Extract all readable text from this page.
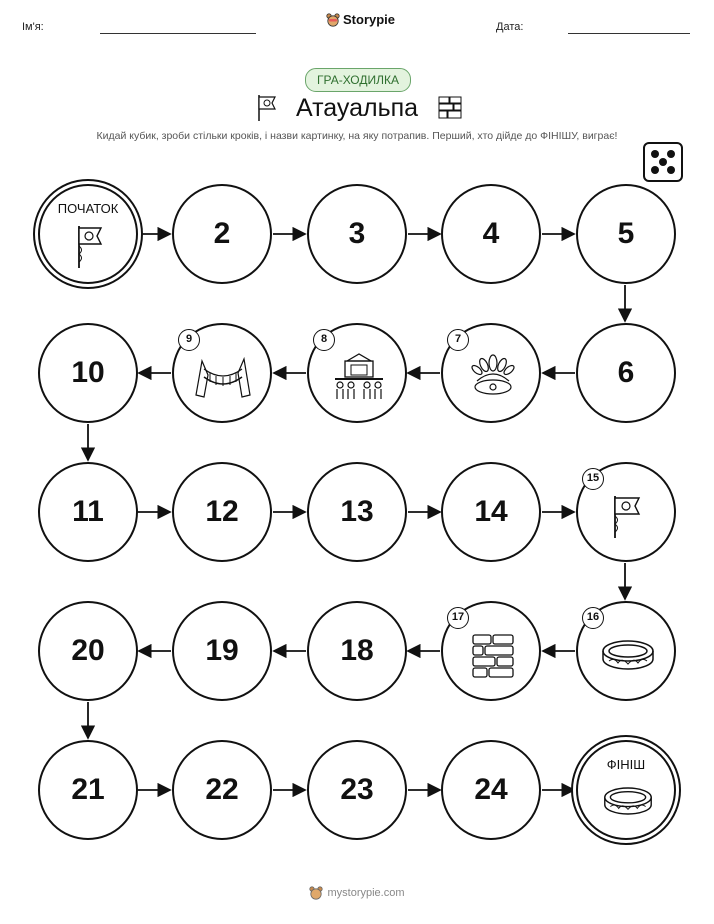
Ім'я:	Storypie	Дата:
ГРА-ХОДИЛКА
Атауальпа
Кидай кубик, зроби стільки кроків, і назви картинку, на яку потрапив. Перший, хто дійде до ФІНІШУ, виграє!
ПОЧАТОК
2	3	4	5
10
9	8	7
6
11	12	13	14
15
20	19	18
17	16
21	22	23	24
ФІНІШ
mystorypie.com
